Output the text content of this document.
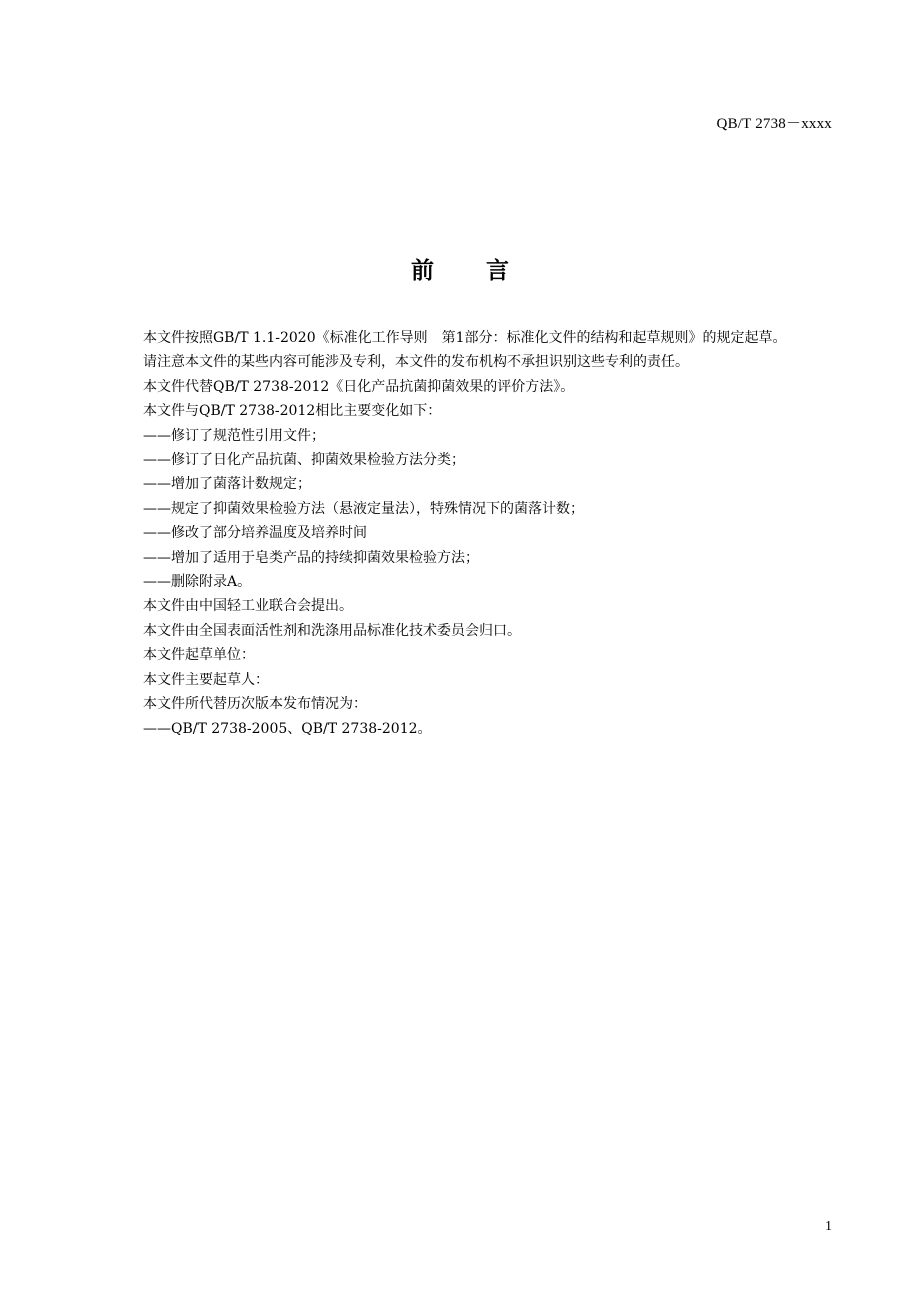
QB/T 2738－xxxx
前 言

本文件按照GB/T 1.1-2020《标准化工作导则　第1部分：标准化文件的结构和起草规则》的规定起草。

请注意本文件的某些内容可能涉及专利，本文件的发布机构不承担识别这些专利的责任。

本文件代替QB/T 2738-2012《日化产品抗菌抑菌效果的评价方法》。

本文件与QB/T 2738-2012相比主要变化如下：

——修订了规范性引用文件；

——修订了日化产品抗菌、抑菌效果检验方法分类；

——增加了菌落计数规定；

——规定了抑菌效果检验方法（悬液定量法），特殊情况下的菌落计数；

——修改了部分培养温度及培养时间

——增加了适用于皂类产品的持续抑菌效果检验方法；

——删除附录A。

本文件由中国轻工业联合会提出。

本文件由全国表面活性剂和洗涤用品标准化技术委员会归口。

本文件起草单位：

本文件主要起草人：

本文件所代替历次版本发布情况为：

——QB/T 2738-2005、QB/T 2738-2012。

1
